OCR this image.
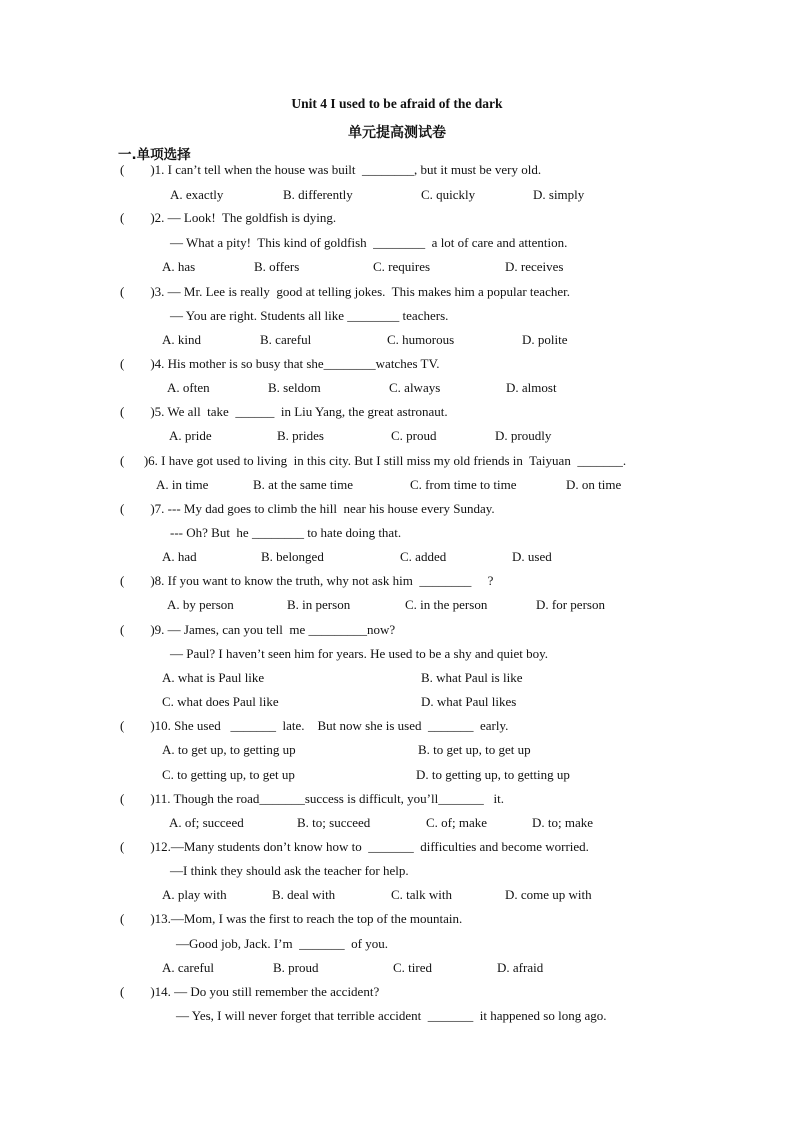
Unit 4 I used to be afraid of the dark
单元提高测试卷
一.单项选择
(        )1. I can’t tell when the house was built  ________, but it must be very old.
A. exactly	B. differently	C. quickly	D. simply
(        )2. — Look!  The goldfish is dying.
— What a pity!  This kind of goldfish  ________  a lot of care and attention.
A. has	B. offers	C. requires	D. receives
(        )3. — Mr. Lee is really  good at telling jokes.  This makes him a popular teacher.
— You are right. Students all like ________ teachers.
A. kind	B. careful	C. humorous	D. polite
(        )4. His mother is so busy that she________watches TV.
A. often	B. seldom	C. always	D. almost
(        )5. We all  take  ______  in Liu Yang, the great astronaut.
A. pride	B. prides	C. proud	D. proudly
(      )6. I have got used to living  in this city. But I still miss my old friends in  Taiyuan  _______.
A. in time	B. at the same time	C. from time to time	D. on time
(        )7. --- My dad goes to climb the hill  near his house every Sunday.
--- Oh? But  he ________ to hate doing that.
A. had	B. belonged	C. added	D. used
(        )8. If you want to know the truth, why not ask him  ________     ?
A. by person	B. in person	C. in the person	D. for person
(        )9. — James, can you tell  me _________now?
— Paul? I haven’t seen him for years. He used to be a shy and quiet boy.
A. what is Paul like	B. what Paul is like
C. what does Paul like	D. what Paul likes
(        )10. She used   _______  late.    But now she is used  _______  early.
A. to get up, to getting up	B. to get up, to get up
C. to getting up, to get up	D. to getting up, to getting up
(        )11. Though the road_______success is difficult, you’ll_______   it.
A. of; succeed	B. to; succeed	C. of; make	D. to; make
(        )12.—Many students don’t know how to  _______  difficulties and become worried.
—I think they should ask the teacher for help.
A. play with	B. deal with	C. talk with	D. come up with
(        )13.—Mom, I was the first to reach the top of the mountain.
—Good job, Jack. I’m  _______  of you.
A. careful	B. proud	C. tired	D. afraid
(        )14. — Do you still remember the accident?
— Yes, I will never forget that terrible accident  _______  it happened so long ago.
